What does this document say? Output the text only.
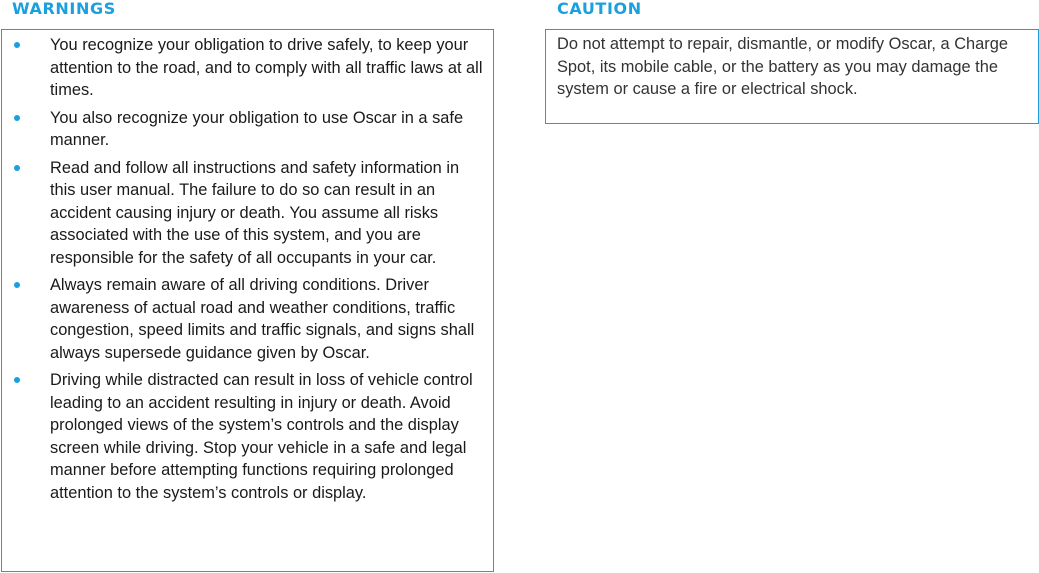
WARNINGS	CAUTION
You recognize your obligation to drive safely, to keep your attention to the road, and to comply with all traffic laws at all times.
You also recognize your obligation to use Oscar in a safe manner.
Read and follow all instructions and safety information in this user manual. The failure to do so can result in an accident causing injury or death. You assume all risks associated with the use of this system, and you are responsible for the safety of all occupants in your car.
Always remain aware of all driving conditions. Driver awareness of actual road and weather conditions, traffic congestion, speed limits and traffic signals, and signs shall always supersede guidance given by Oscar.
Driving while distracted can result in loss of vehicle control leading to an accident resulting in injury or death. Avoid prolonged views of the system’s controls and the display screen while driving. Stop your vehicle in a safe and legal manner before attempting functions requiring prolonged attention to the system’s controls or display.
Do not attempt to repair, dismantle, or modify Oscar, a Charge Spot, its mobile cable, or the battery as you may damage the system or cause a fire or electrical shock.
